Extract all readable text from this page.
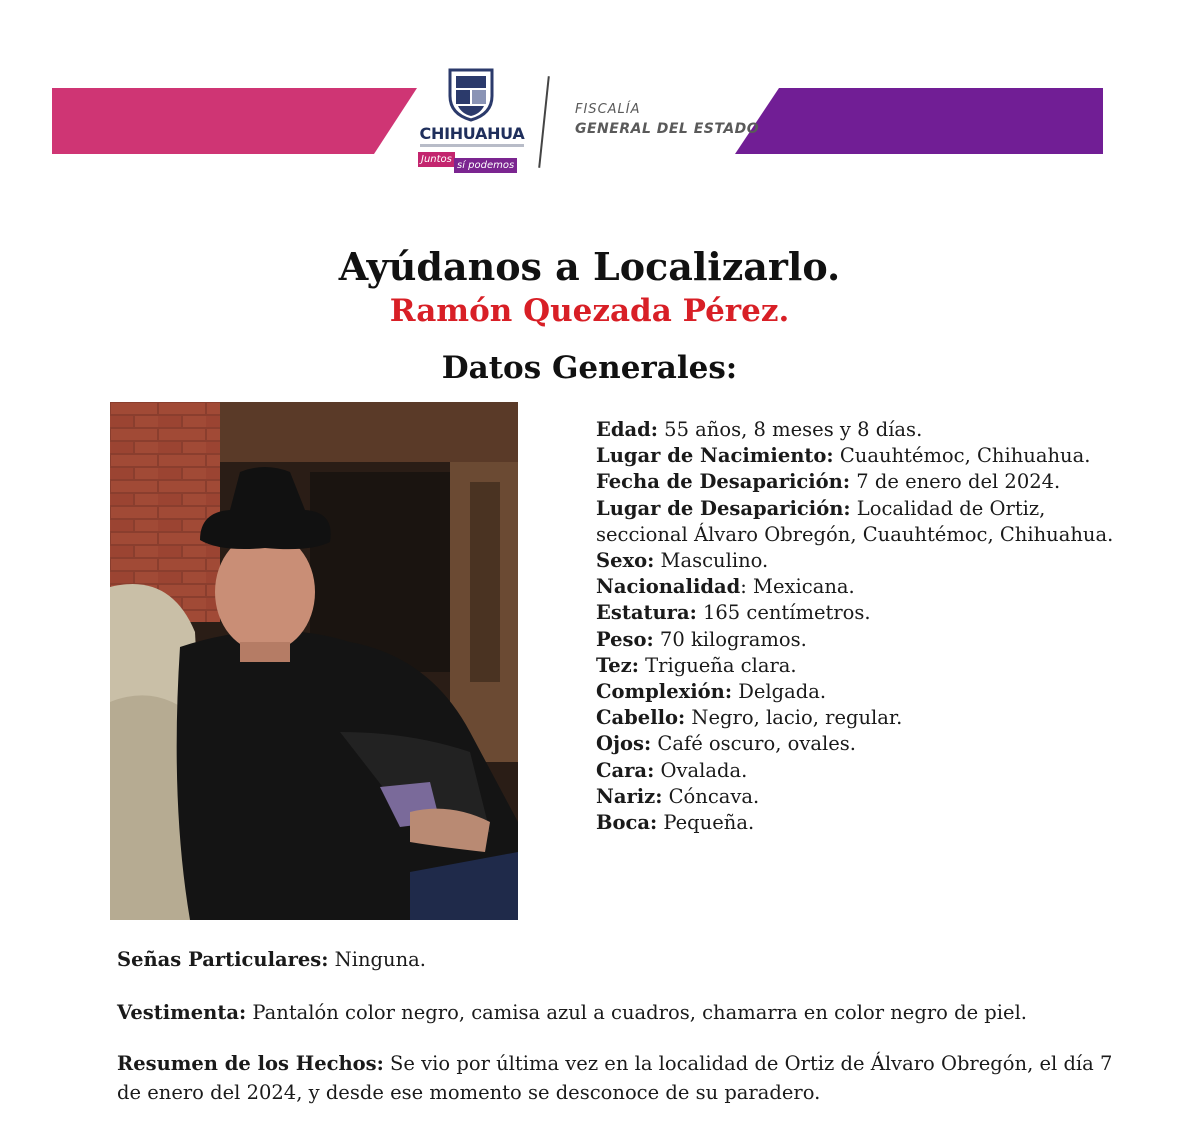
CHIHUAHUA
Juntos
sí podemos
FISCALÍA
GENERAL DEL ESTADO
Ayúdanos a Localizarlo.
Ramón Quezada Pérez.
Datos Generales:

Edad: 55 años, 8 meses y 8 días.

Lugar de Nacimiento: Cuauhtémoc, Chihuahua.

Fecha de Desaparición: 7 de enero del 2024.

Lugar de Desaparición: Localidad de Ortiz, seccional Álvaro Obregón, Cuauhtémoc, Chihuahua.

Sexo: Masculino.

Nacionalidad: Mexicana.

Estatura: 165 centímetros.

Peso: 70 kilogramos.

Tez: Trigueña clara.

Complexión: Delgada.

Cabello: Negro, lacio, regular.

Ojos: Café oscuro, ovales.

Cara: Ovalada.

Nariz: Cóncava.

Boca: Pequeña.

Señas Particulares: Ninguna.

Vestimenta: Pantalón color negro, camisa azul a cuadros, chamarra en color negro de piel.

Resumen de los Hechos: Se vio por última vez en la localidad de Ortiz de Álvaro Obregón, el día 7 de enero del 2024, y desde ese momento se desconoce de su paradero.
